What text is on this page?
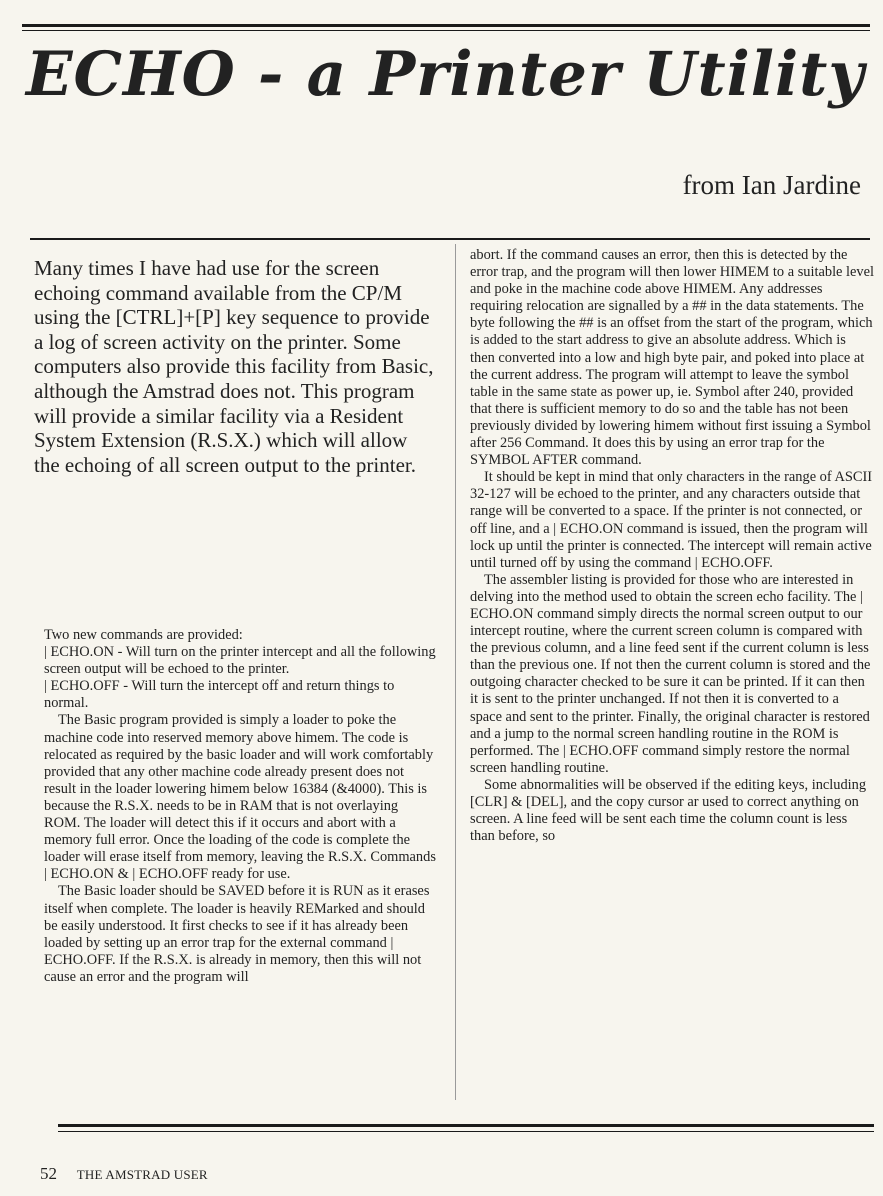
ECHO - a Printer Utility
from Ian Jardine

Many times I have had use for the screen echoing command available from the CP/M using the [CTRL]+[P] key sequence to provide a log of screen activity on the printer. Some computers also provide this facility from Basic, although the Amstrad does not. This program will provide a similar facility via a Resident System Extension (R.S.X.) which will allow the echoing of all screen output to the printer.

Two new commands are provided:

| ECHO.ON - Will turn on the printer intercept and all the following screen output will be echoed to the printer.

| ECHO.OFF - Will turn the intercept off and return things to normal.

The Basic program provided is simply a loader to poke the machine code into reserved memory above himem. The code is relocated as required by the basic loader and will work comfortably provided that any other machine code already present does not result in the loader lowering himem below 16384 (&4000). This is because the R.S.X. needs to be in RAM that is not overlaying ROM. The loader will detect this if it occurs and abort with a memory full error. Once the loading of the code is complete the loader will erase itself from memory, leaving the R.S.X. Commands | ECHO.ON & | ECHO.OFF ready for use.

The Basic loader should be SAVED before it is RUN as it erases itself when complete. The loader is heavily REMarked and should be easily understood. It first checks to see if it has already been loaded by setting up an error trap for the external command | ECHO.OFF. If the R.S.X. is already in memory, then this will not cause an error and the program will

abort. If the command causes an error, then this is detected by the error trap, and the program will then lower HIMEM to a suitable level and poke in the machine code above HIMEM. Any addresses requiring relocation are signalled by a ## in the data statements. The byte following the ## is an offset from the start of the program, which is added to the start address to give an absolute address. Which is then converted into a low and high byte pair, and poked into place at the current address. The program will attempt to leave the symbol table in the same state as power up, ie. Symbol after 240, provided that there is sufficient memory to do so and the table has not been previously divided by lowering himem without first issuing a Symbol after 256 Command. It does this by using an error trap for the SYMBOL AFTER command.

It should be kept in mind that only characters in the range of ASCII 32-127 will be echoed to the printer, and any characters outside that range will be converted to a space. If the printer is not connected, or off line, and a | ECHO.ON command is issued, then the program will lock up until the printer is connected. The intercept will remain active until turned off by using the command | ECHO.OFF.

The assembler listing is provided for those who are interested in delving into the method used to obtain the screen echo facility. The | ECHO.ON command simply directs the normal screen output to our intercept routine, where the current screen column is compared with the previous column, and a line feed sent if the current column is less than the previous one. If not then the current column is stored and the outgoing character checked to be sure it can be printed. If it can then it is sent to the printer unchanged. If not then it is converted to a space and sent to the printer. Finally, the original character is restored and a jump to the normal screen handling routine in the ROM is performed. The | ECHO.OFF command simply restore the normal screen handling routine.

Some abnormalities will be observed if the editing keys, including [CLR] & [DEL], and the copy cursor ar used to correct anything on screen. A line feed will be sent each time the column count is less than before, so

52 THE AMSTRAD USER
